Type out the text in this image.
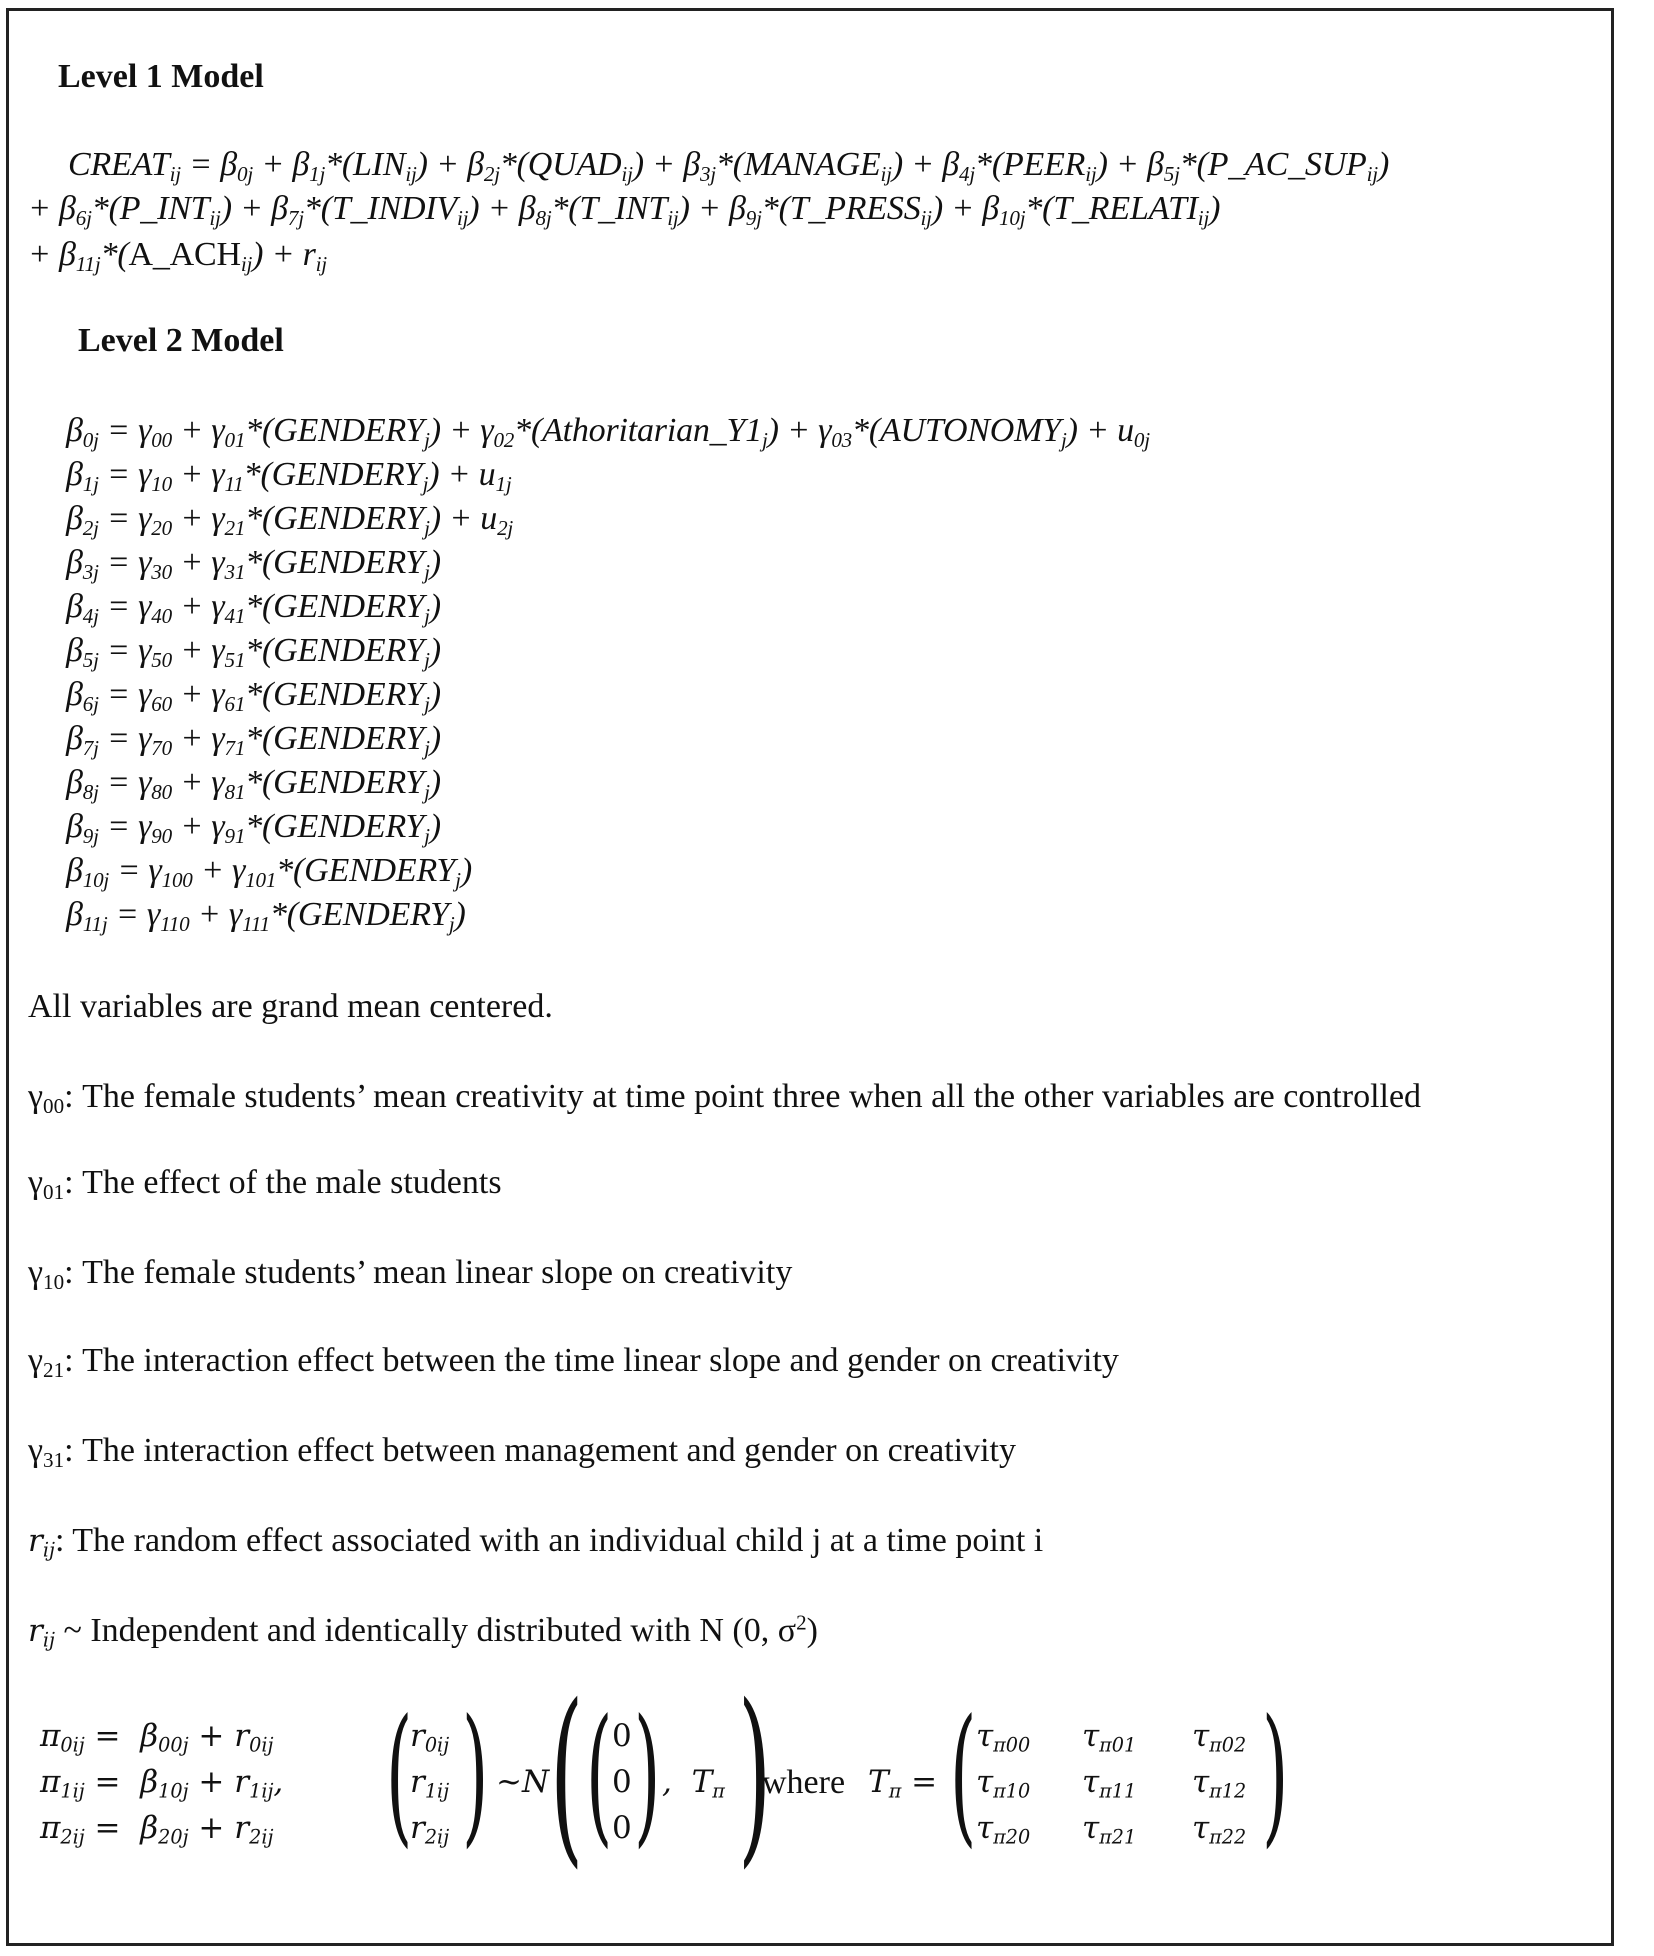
Level 1 Model
$CREAT_{ij} = \beta_{0j} + \beta_{1j}*(LIN_{ij})$ + $\beta_{2j}*(QUAD_{ij})$ + $\beta_{3j}*(MANAGE_{ij})$ + $\beta_{4j}*(PEER_{ij})$ + $\beta_{5j}*(P\_AC\_SUP_{ij})$
+ $\beta_{6j}*(P\_INT_{ij})$ + $\beta_{7j}*(T\_INDIV_{ij})$ + $\beta_{8j}*(T\_INT_{ij})$ + $\beta_{9j}*(T\_PRESS_{ij})$ + $\beta_{10j}*(T\_RELATI_{ij})$
+ $\beta_{11j}*(A\_ACH_{ij}) + r_{ij}$
Level 2 Model
$\beta_{0j} = \gamma_{00}$ + $\gamma_{01}*(GENDERY_j)$ + $\gamma_{02}*(Athoritarian\_Y1_j)$ + $\gamma_{03}*(AUTONOMY_j) + u_{0j}$
$\beta_{1j} = \gamma_{10}$ + $\gamma_{11}*(GENDERY_j) + u_{1j}$
$\beta_{2j} = \gamma_{20}$ + $\gamma_{21}*(GENDERY_j) + u_{2j}$
$\beta_{3j} = \gamma_{30}$ + $\gamma_{31}*(GENDERY_j)$
$\beta_{4j} = \gamma_{40}$ + $\gamma_{41}*(GENDERY_j)$
$\beta_{5j} = \gamma_{50}$ + $\gamma_{51}*(GENDERY_j)$
$\beta_{6j} = \gamma_{60}$ + $\gamma_{61}*(GENDERY_j)$
$\beta_{7j} = \gamma_{70}$ + $\gamma_{71}*(GENDERY_j)$
$\beta_{8j} = \gamma_{80}$ + $\gamma_{81}*(GENDERY_j)$
$\beta_{9j} = \gamma_{90}$ + $\gamma_{91}*(GENDERY_j)$
$\beta_{10j} = \gamma_{100}$ + $\gamma_{101}*(GENDERY_j)$
$\beta_{11j} = \gamma_{110}$ + $\gamma_{111}*(GENDERY_j)$
All variables are grand mean centered.
$\gamma_{00}$: The female students’ mean creativity at time point three when all the other variables are controlled
$\gamma_{01}$: The effect of the male students
$\gamma_{10}$: The female students’ mean linear slope on creativity
$\gamma_{21}$: The interaction effect between the time linear slope and gender on creativity
$\gamma_{31}$: The interaction effect between management and gender on creativity
$r_{ij}$: The random effect associated with an individual child j at a time point i
$r_{ij}$ ~ Independent and identically distributed with N (0, $\sigma^2$)
$\pi_{0ij} = \beta_{00j} + r_{0ij}$
$\pi_{1ij} = \beta_{10j} + r_{1ij}$,
$\pi_{2ij} = \beta_{20j} + r_{2ij}$ (
$r_{0ij}$
$r_{1ij}$
$r_{2ij}$ ) ~N ( ( 0
0
0 ) ,  $T_\pi$ )
where $T_\pi$ = ( $\tau_{\pi 00}$ $\tau_{\pi 01}$ $\tau_{\pi 02}$
$\tau_{\pi 10}$ $\tau_{\pi 11}$ $\tau_{\pi 12}$
$\tau_{\pi 20}$ $\tau_{\pi 21}$ $\tau_{\pi 22}$ )
